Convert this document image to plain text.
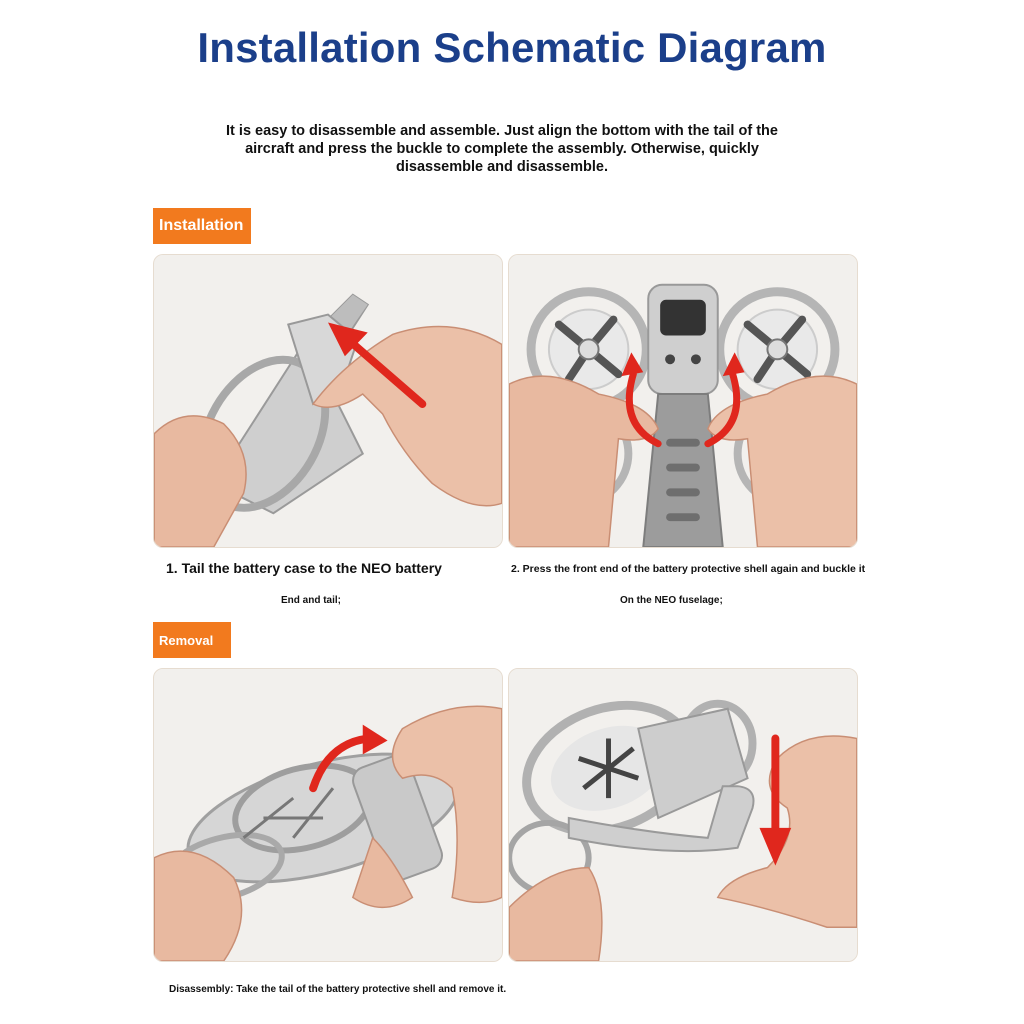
Installation Schematic Diagram
It is easy to disassemble and assemble. Just align the bottom with the tail of the aircraft and press the buckle to complete the assembly. Otherwise, quickly disassemble and disassemble.
Installation
1. Tail the battery case to the NEO battery	2. Press the front end of the battery protective shell again and buckle it
End and tail;	On the NEO fuselage;
Removal
Disassembly: Take the tail of the battery protective shell and remove it.
